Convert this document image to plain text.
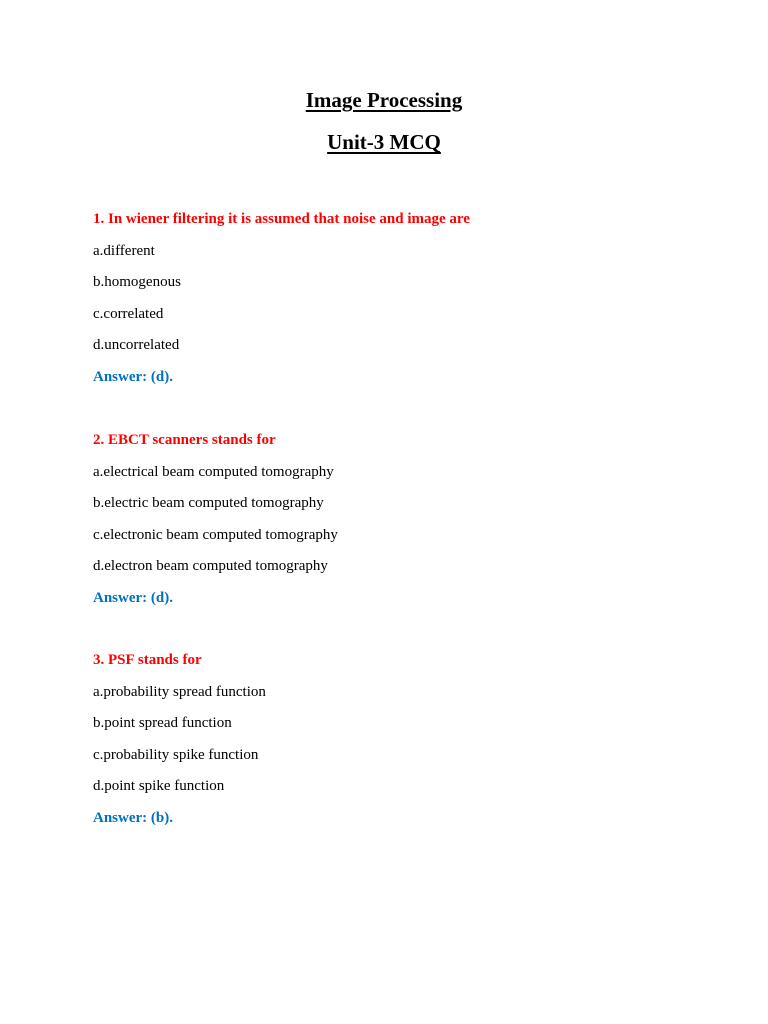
Image Processing
Unit-3 MCQ

1. In wiener filtering it is assumed that noise and image are

a.different

b.homogenous

c.correlated

d.uncorrelated

Answer: (d).

2. EBCT scanners stands for

a.electrical beam computed tomography

b.electric beam computed tomography

c.electronic beam computed tomography

d.electron beam computed tomography

Answer: (d).

3. PSF stands for

a.probability spread function

b.point spread function

c.probability spike function

d.point spike function

Answer: (b).
